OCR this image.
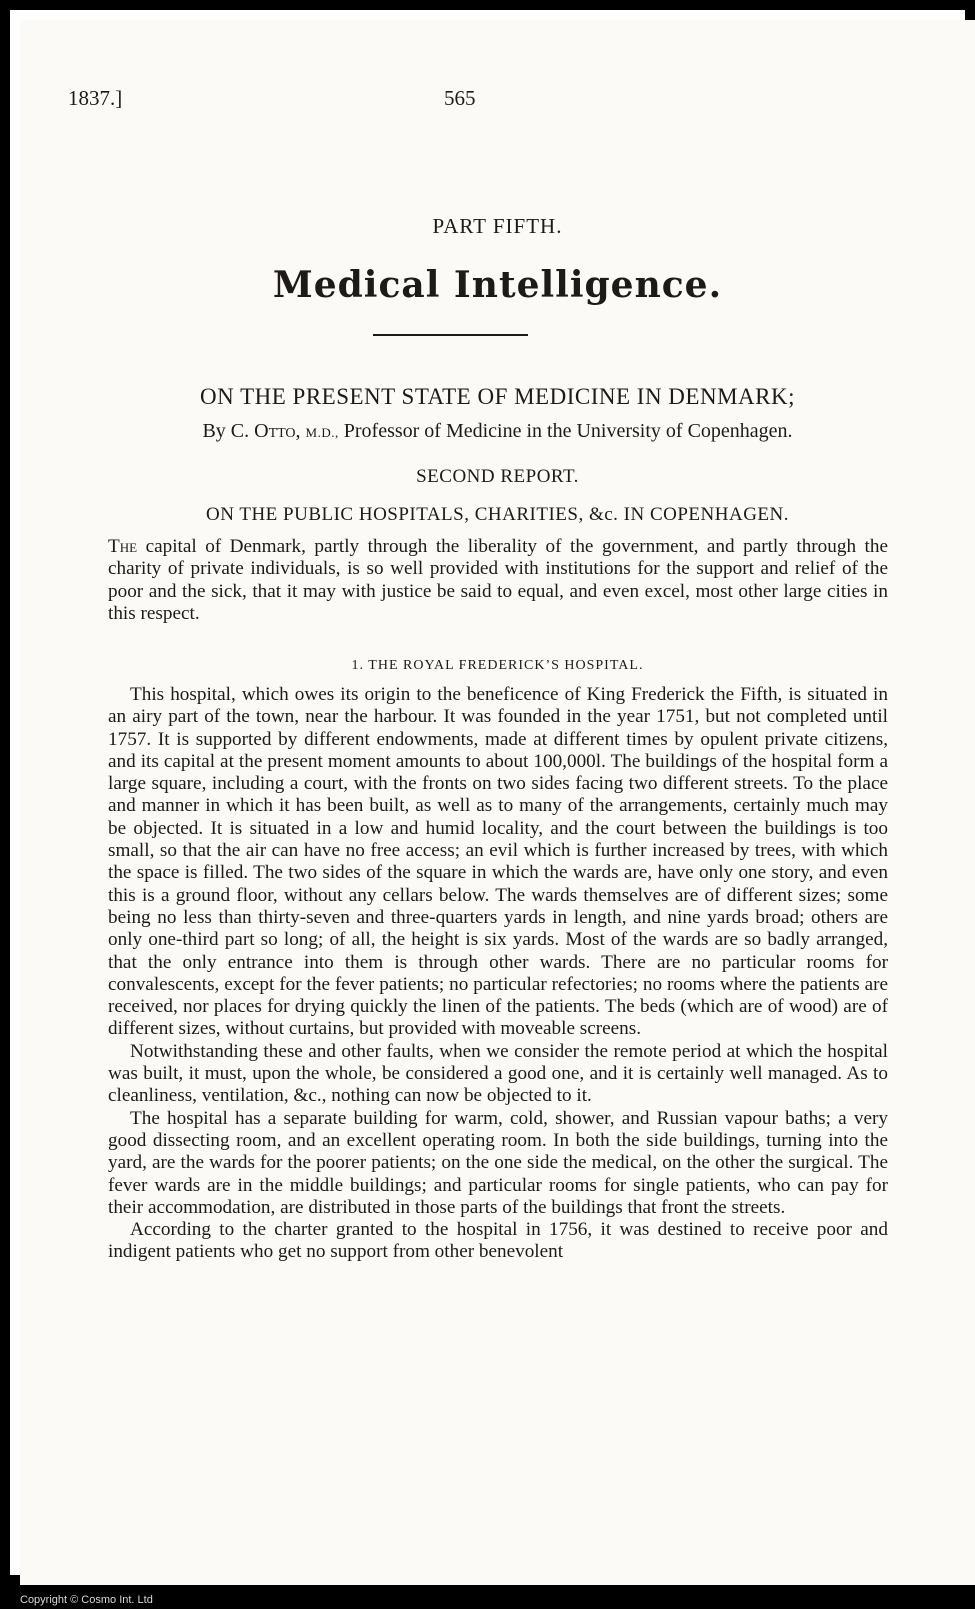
1837.]	565
PART FIFTH.
Medical Intelligence.
ON THE PRESENT STATE OF MEDICINE IN DENMARK;
By C. Otto, M.D., Professor of Medicine in the University of Copenhagen.
SECOND REPORT.
ON THE PUBLIC HOSPITALS, CHARITIES, &c. IN COPENHAGEN.

The capital of Denmark, partly through the liberality of the government, and partly through the charity of private individuals, is so well provided with institutions for the support and relief of the poor and the sick, that it may with justice be said to equal, and even excel, most other large cities in this respect.

1. THE ROYAL FREDERICK’S HOSPITAL.

This hospital, which owes its origin to the beneficence of King Frederick the Fifth, is situated in an airy part of the town, near the harbour. It was founded in the year 1751, but not completed until 1757. It is supported by different endowments, made at different times by opulent private citizens, and its capital at the present moment amounts to about 100,000l. The buildings of the hospital form a large square, including a court, with the fronts on two sides facing two different streets. To the place and manner in which it has been built, as well as to many of the arrangements, certainly much may be objected. It is situated in a low and humid locality, and the court between the buildings is too small, so that the air can have no free access; an evil which is further increased by trees, with which the space is filled. The two sides of the square in which the wards are, have only one story, and even this is a ground floor, without any cellars below. The wards themselves are of different sizes; some being no less than thirty-seven and three-quarters yards in length, and nine yards broad; others are only one-third part so long; of all, the height is six yards. Most of the wards are so badly arranged, that the only entrance into them is through other wards. There are no particular rooms for convalescents, except for the fever patients; no particular refectories; no rooms where the patients are received, nor places for drying quickly the linen of the patients. The beds (which are of wood) are of different sizes, without curtains, but provided with moveable screens.

Notwithstanding these and other faults, when we consider the remote period at which the hospital was built, it must, upon the whole, be considered a good one, and it is certainly well managed. As to cleanliness, ventilation, &c., nothing can now be objected to it.

The hospital has a separate building for warm, cold, shower, and Russian vapour baths; a very good dissecting room, and an excellent operating room. In both the side buildings, turning into the yard, are the wards for the poorer patients; on the one side the medical, on the other the surgical. The fever wards are in the middle buildings; and particular rooms for single patients, who can pay for their accommodation, are distributed in those parts of the buildings that front the streets.

According to the charter granted to the hospital in 1756, it was destined to receive poor and indigent patients who get no support from other benevolent

Copyright © Cosmo Int. Ltd
